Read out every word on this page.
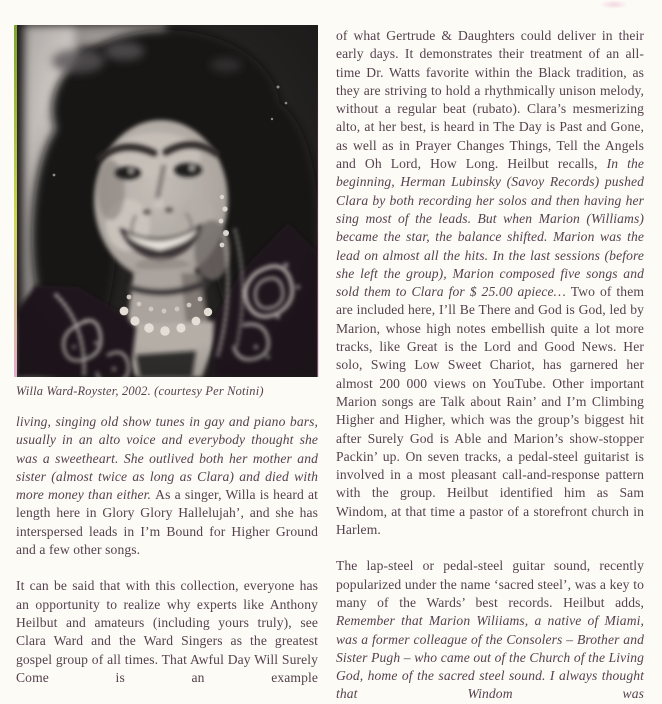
Willa Ward-Royster, 2002. (courtesy Per Notini)

living, singing old show tunes in gay and piano bars, usually in an alto voice and everybody thought she was a sweetheart. She outlived both her mother and sister (almost twice as long as Clara) and died with more money than either. As a singer, Willa is heard at length here in Glory Glory Hallelujah’, and she has interspersed leads in I’m Bound for Higher Ground and a few other songs.

It can be said that with this collection, everyone has an opportunity to realize why experts like Anthony Heilbut and amateurs (including yours truly), see Clara Ward and the Ward Singers as the greatest gospel group of all times. That Awful Day Will Surely Come is an example

of what Gertrude & Daughters could deliver in their early days. It demonstrates their treatment of an all-time Dr. Watts favorite within the Black tradition, as they are striving to hold a rhythmically unison melody, without a regular beat (rubato). Clara’s mesmerizing alto, at her best, is heard in The Day is Past and Gone, as well as in Prayer Changes Things, Tell the Angels and Oh Lord, How Long. Heilbut recalls, In the beginning, Herman Lubinsky (Savoy Records) pushed Clara by both recording her solos and then having her sing most of the leads. But when Marion (Williams) became the star, the balance shifted. Marion was the lead on almost all the hits. In the last sessions (before she left the group), Marion composed five songs and sold them to Clara for $ 25.00 apiece… Two of them are included here, I’ll Be There and God is God, led by Marion, whose high notes embellish quite a lot more tracks, like Great is the Lord and Good News. Her solo, Swing Low Sweet Chariot, has garnered her almost 200 000 views on YouTube. Other important Marion songs are Talk about Rain’ and I’m Climbing Higher and Higher, which was the group’s biggest hit after Surely God is Able and Marion’s show-stopper Packin’ up. On seven tracks, a pedal-steel guitarist is involved in a most pleasant call-and-response pattern with the group. Heilbut identified him as Sam Windom, at that time a pastor of a storefront church in Harlem.

The lap-steel or pedal-steel guitar sound, recently popularized under the name ‘sacred steel’, was a key to many of the Wards’ best records. Heilbut adds, Remember that Marion Wiliiams, a native of Miami, was a former colleague of the Consolers – Brother and Sister Pugh – who came out of the Church of the Living God, home of the sacred steel sound. I always thought that Windom was
